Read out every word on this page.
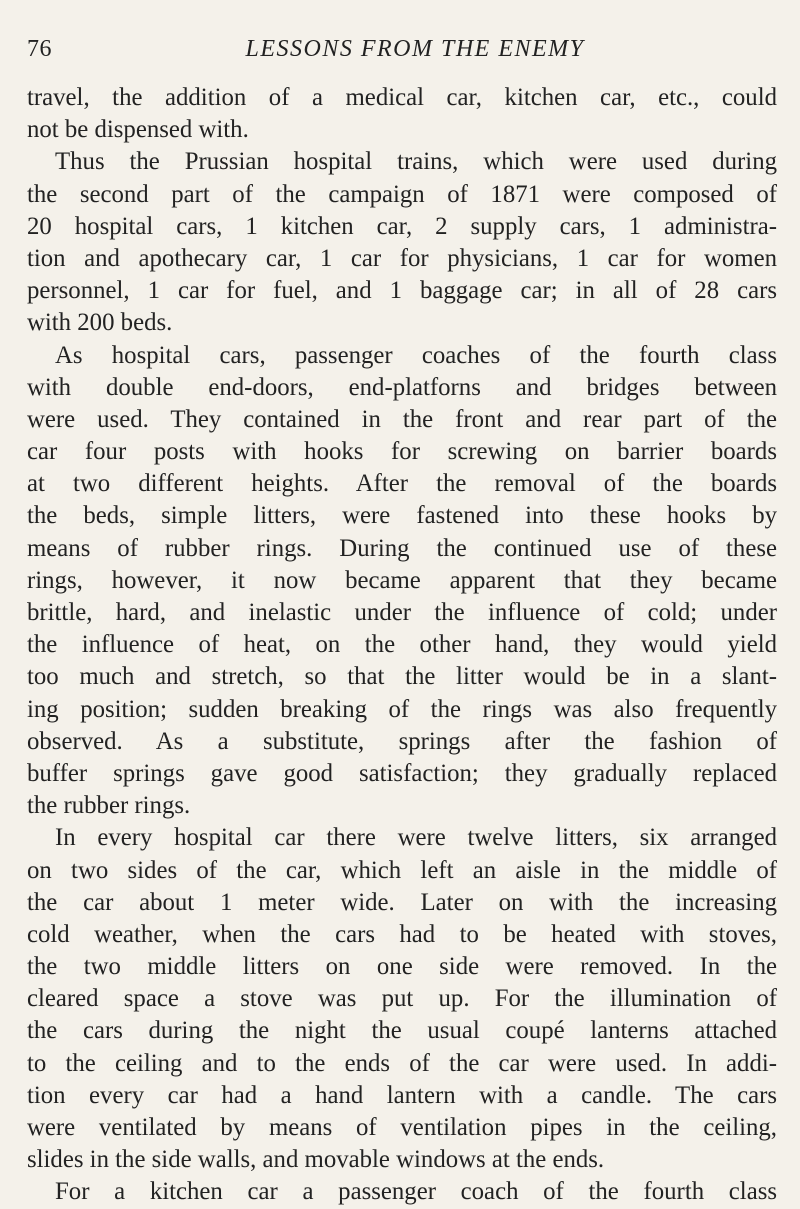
76	LESSONS FROM THE ENEMY
travel, the addition of a medical car, kitchen car, etc., could
not be dispensed with.
Thus the Prussian hospital trains, which were used during
the second part of the campaign of 1871 were composed of
20 hospital cars, 1 kitchen car, 2 supply cars, 1 administra-
tion and apothecary car, 1 car for physicians, 1 car for women
personnel, 1 car for fuel, and 1 baggage car; in all of 28 cars
with 200 beds.
As hospital cars, passenger coaches of the fourth class
with double end-doors, end-platforns and bridges between
were used. They contained in the front and rear part of the
car four posts with hooks for screwing on barrier boards
at two different heights. After the removal of the boards
the beds, simple litters, were fastened into these hooks by
means of rubber rings. During the continued use of these
rings, however, it now became apparent that they became
brittle, hard, and inelastic under the influence of cold; under
the influence of heat, on the other hand, they would yield
too much and stretch, so that the litter would be in a slant-
ing position; sudden breaking of the rings was also frequently
observed. As a substitute, springs after the fashion of
buffer springs gave good satisfaction; they gradually replaced
the rubber rings.
In every hospital car there were twelve litters, six arranged
on two sides of the car, which left an aisle in the middle of
the car about 1 meter wide. Later on with the increasing
cold weather, when the cars had to be heated with stoves,
the two middle litters on one side were removed. In the
cleared space a stove was put up. For the illumination of
the cars during the night the usual coupé lanterns attached
to the ceiling and to the ends of the car were used. In addi-
tion every car had a hand lantern with a candle. The cars
were ventilated by means of ventilation pipes in the ceiling,
slides in the side walls, and movable windows at the ends.
For a kitchen car a passenger coach of the fourth class
